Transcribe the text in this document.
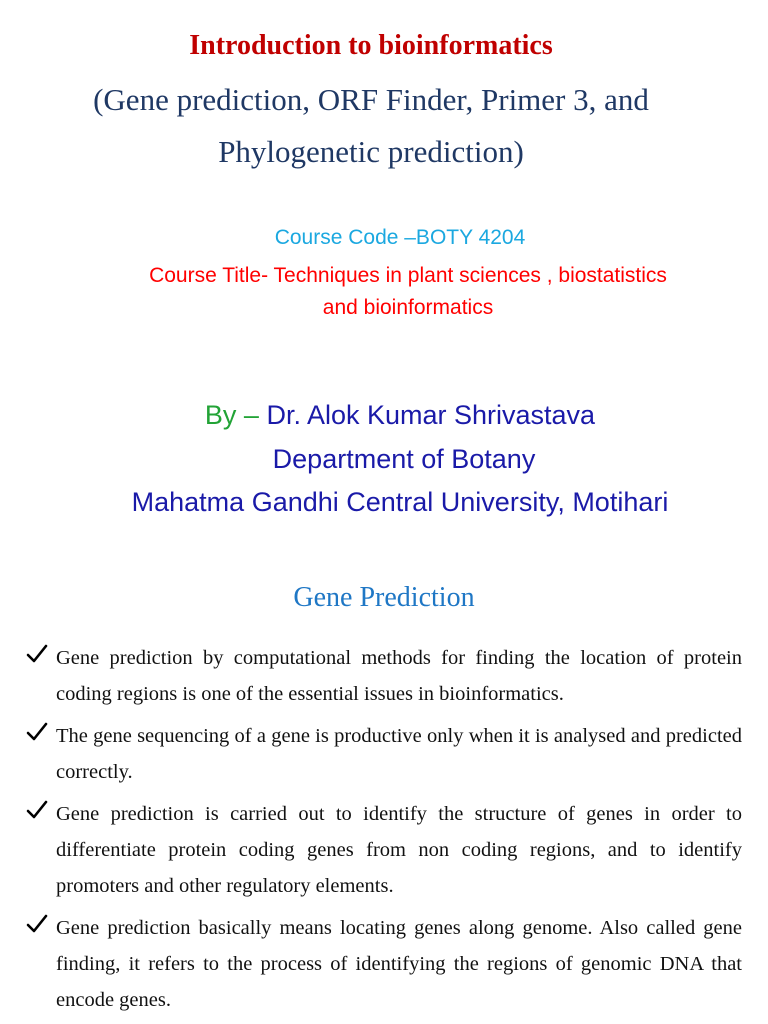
Introduction to bioinformatics
(Gene prediction, ORF Finder, Primer 3, and
Phylogenetic prediction)
Course Code –BOTY 4204
Course Title- Techniques in plant sciences , biostatistics
and bioinformatics
By – Dr. Alok Kumar Shrivastava
Department of Botany
Mahatma Gandhi Central University, Motihari
Gene Prediction
Gene prediction by computational methods for finding the location of protein coding regions is one of the essential issues in bioinformatics.
The gene sequencing of a gene is productive only when it is analysed and predicted correctly.
Gene prediction is carried out to identify the structure of genes in order to differentiate protein coding genes from non coding regions, and to identify promoters and other regulatory elements.
Gene prediction basically means locating genes along genome. Also called gene finding, it refers to the process of identifying the regions of genomic DNA that encode genes.
